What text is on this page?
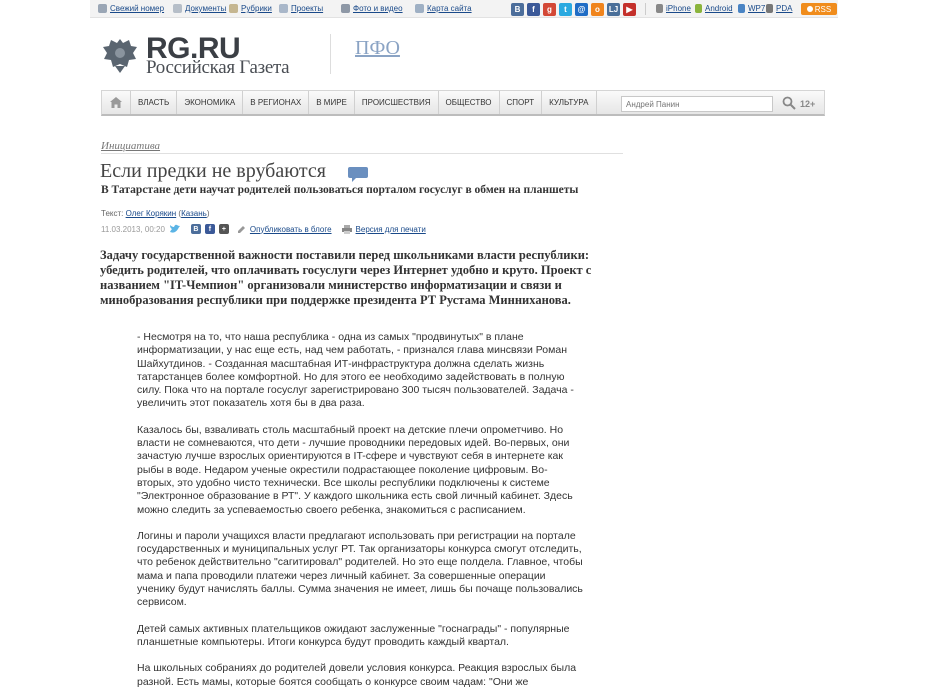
Свежий номер	Документы Рубрики Проекты	Фото и видео	Карта сайта	В	f	g	t	@	o	LJ	▶	iPhone Android WP7 PDA	RSS
RG.RU
Российская Газета
ПФО
ВЛАСТЬ	ЭКОНОМИКА	В РЕГИОНАХ	В МИРЕ	ПРОИСШЕСТВИЯ	ОБЩЕСТВО	СПОРТ	КУЛЬТУРА
Андрей Панин	12+
Инициатива
Если предки не врубаются
В Татарстане дети научат родителей пользоваться порталом госуслуг в обмен на планшеты
Текст: Олег Корякин (Казань)
11.03.2013, 00:20	В	f	+	Опубликовать в блоге	Версия для печати
Задачу государственной важности поставили перед школьниками власти республики: убедить родителей, что оплачивать госуслуги через Интернет удобно и круто. Проект с названием "IT-Чемпион" организовали министерство информатизации и связи и минобразования республики при поддержке президента РТ Рустама Минниханова.

- Несмотря на то, что наша республика - одна из самых "продвинутых" в плане информатизации, у нас еще есть, над чем работать, - признался глава минсвязи Роман Шайхутдинов. - Созданная масштабная ИТ-инфраструктура должна сделать жизнь татарстанцев более комфортной. Но для этого ее необходимо задействовать в полную силу. Пока что на портале госуслуг зарегистрировано 300 тысяч пользователей. Задача - увеличить этот показатель хотя бы в два раза.

Казалось бы, взваливать столь масштабный проект на детские плечи опрометчиво. Но власти не сомневаются, что дети - лучшие проводники передовых идей. Во-первых, они зачастую лучше взрослых ориентируются в IT-сфере и чувствуют себя в интернете как рыбы в воде. Недаром ученые окрестили подрастающее поколение цифровым. Во-вторых, это удобно чисто технически. Все школы республики подключены к системе "Электронное образование в РТ". У каждого школьника есть свой личный кабинет. Здесь можно следить за успеваемостью своего ребенка, знакомиться с расписанием.

Логины и пароли учащихся власти предлагают использовать при регистрации на портале государственных и муниципальных услуг РТ. Так организаторы конкурса смогут отследить, что ребенок действительно "сагитировал" родителей. Но это еще полдела. Главное, чтобы мама и папа проводили платежи через личный кабинет. За совершенные операции ученику будут начислять баллы. Сумма значения не имеет, лишь бы почаще пользовались сервисом.

Детей самых активных плательщиков ожидают заслуженные "госнаграды" - популярные планшетные компьютеры. Итоги конкурса будут проводить каждый квартал.

На школьных собраниях до родителей довели условия конкурса. Реакция взрослых была разной. Есть мамы, которые боятся сообщать о конкурсе своим чадам: "Они же
